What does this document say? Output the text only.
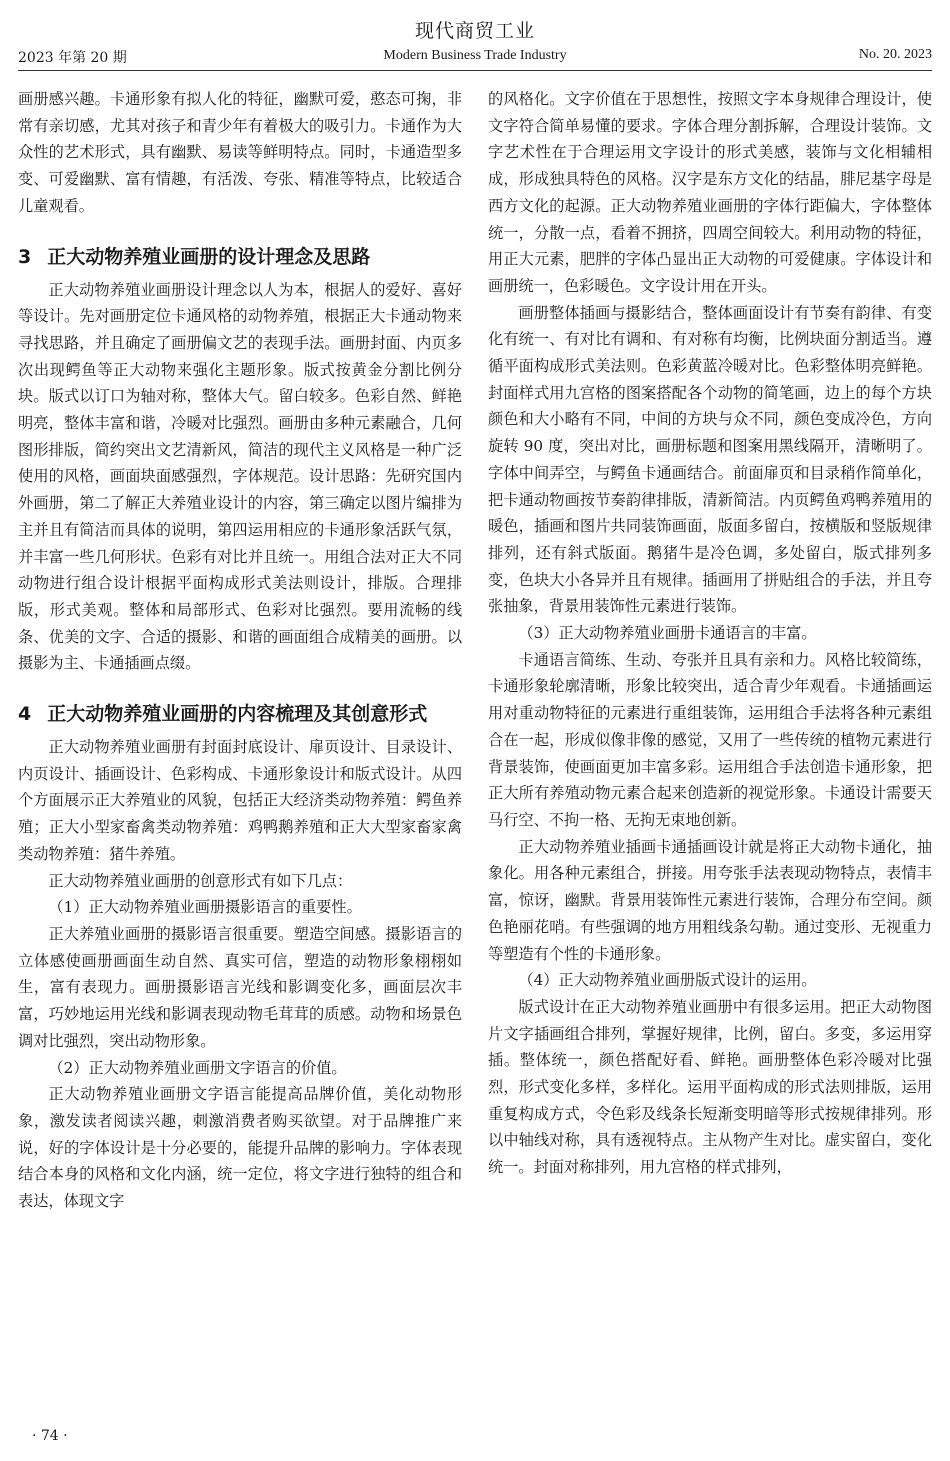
现代商贸工业
2023 年第 20 期	Modern Business Trade Industry	No. 20. 2023

画册感兴趣。卡通形象有拟人化的特征，幽默可爱，憨态可掬，非常有亲切感，尤其对孩子和青少年有着极大的吸引力。卡通作为大众性的艺术形式，具有幽默、易读等鲜明特点。同时，卡通造型多变、可爱幽默、富有情趣，有活泼、夸张、精准等特点，比较适合儿童观看。

3 正大动物养殖业画册的设计理念及思路

正大动物养殖业画册设计理念以人为本，根据人的爱好、喜好等设计。先对画册定位卡通风格的动物养殖，根据正大卡通动物来寻找思路，并且确定了画册偏文艺的表现手法。画册封面、内页多次出现鳄鱼等正大动物来强化主题形象。版式按黄金分割比例分块。版式以订口为轴对称，整体大气。留白较多。色彩自然、鲜艳明亮，整体丰富和谐，冷暖对比强烈。画册由多种元素融合，几何图形排版，简约突出文艺清新风，简洁的现代主义风格是一种广泛使用的风格，画面块面感强烈，字体规范。设计思路：先研究国内外画册，第二了解正大养殖业设计的内容，第三确定以图片编排为主并且有简洁而具体的说明，第四运用相应的卡通形象活跃气氛，并丰富一些几何形状。色彩有对比并且统一。用组合法对正大不同动物进行组合设计根据平面构成形式美法则设计，排版。合理排版，形式美观。整体和局部形式、色彩对比强烈。要用流畅的线条、优美的文字、合适的摄影、和谐的画面组合成精美的画册。以摄影为主、卡通插画点缀。

4 正大动物养殖业画册的内容梳理及其创意形式

正大动物养殖业画册有封面封底设计、扉页设计、目录设计、内页设计、插画设计、色彩构成、卡通形象设计和版式设计。从四个方面展示正大养殖业的风貌，包括正大经济类动物养殖：鳄鱼养殖；正大小型家畜禽类动物养殖：鸡鸭鹅养殖和正大大型家畜家禽类动物养殖：猪牛养殖。

正大动物养殖业画册的创意形式有如下几点：

（1）正大动物养殖业画册摄影语言的重要性。

正大养殖业画册的摄影语言很重要。塑造空间感。摄影语言的立体感使画册画面生动自然、真实可信，塑造的动物形象栩栩如生，富有表现力。画册摄影语言光线和影调变化多，画面层次丰富，巧妙地运用光线和影调表现动物毛茸茸的质感。动物和场景色调对比强烈，突出动物形象。

（2）正大动物养殖业画册文字语言的价值。

正大动物养殖业画册文字语言能提高品牌价值，美化动物形象，激发读者阅读兴趣，刺激消费者购买欲望。对于品牌推广来说，好的字体设计是十分必要的，能提升品牌的影响力。字体表现结合本身的风格和文化内涵，统一定位，将文字进行独特的组合和表达，体现文字

的风格化。文字价值在于思想性，按照文字本身规律合理设计，使文字符合简单易懂的要求。字体合理分割拆解，合理设计装饰。文字艺术性在于合理运用文字设计的形式美感，装饰与文化相辅相成，形成独具特色的风格。汉字是东方文化的结晶，腓尼基字母是西方文化的起源。正大动物养殖业画册的字体行距偏大，字体整体统一，分散一点，看着不拥挤，四周空间较大。利用动物的特征，用正大元素，肥胖的字体凸显出正大动物的可爱健康。字体设计和画册统一，色彩暖色。文字设计用在开头。

画册整体插画与摄影结合，整体画面设计有节奏有韵律、有变化有统一、有对比有调和、有对称有均衡，比例块面分割适当。遵循平面构成形式美法则。色彩黄蓝冷暖对比。色彩整体明亮鲜艳。封面样式用九宫格的图案搭配各个动物的简笔画，边上的每个方块颜色和大小略有不同，中间的方块与众不同，颜色变成冷色，方向旋转 90 度，突出对比，画册标题和图案用黑线隔开，清晰明了。字体中间弄空，与鳄鱼卡通画结合。前面扉页和目录稍作简单化，把卡通动物画按节奏韵律排版，清新简洁。内页鳄鱼鸡鸭养殖用的暖色，插画和图片共同装饰画面，版面多留白，按横版和竖版规律排列，还有斜式版面。鹅猪牛是冷色调，多处留白，版式排列多变，色块大小各异并且有规律。插画用了拼贴组合的手法，并且夸张抽象，背景用装饰性元素进行装饰。

（3）正大动物养殖业画册卡通语言的丰富。

卡通语言简练、生动、夸张并且具有亲和力。风格比较简练，卡通形象轮廓清晰，形象比较突出，适合青少年观看。卡通插画运用对重动物特征的元素进行重组装饰，运用组合手法将各种元素组合在一起，形成似像非像的感觉，又用了一些传统的植物元素进行背景装饰，使画面更加丰富多彩。运用组合手法创造卡通形象，把正大所有养殖动物元素合起来创造新的视觉形象。卡通设计需要天马行空、不拘一格、无拘无束地创新。

正大动物养殖业插画卡通插画设计就是将正大动物卡通化，抽象化。用各种元素组合，拼接。用夸张手法表现动物特点，表情丰富，惊讶，幽默。背景用装饰性元素进行装饰，合理分布空间。颜色艳丽花哨。有些强调的地方用粗线条勾勒。通过变形、无视重力等塑造有个性的卡通形象。

（4）正大动物养殖业画册版式设计的运用。

版式设计在正大动物养殖业画册中有很多运用。把正大动物图片文字插画组合排列，掌握好规律，比例，留白。多变，多运用穿插。整体统一，颜色搭配好看、鲜艳。画册整体色彩冷暖对比强烈，形式变化多样，多样化。运用平面构成的形式法则排版，运用重复构成方式，令色彩及线条长短渐变明暗等形式按规律排列。形以中轴线对称，具有透视特点。主从物产生对比。虚实留白，变化统一。封面对称排列，用九宫格的样式排列，

· 74 ·
